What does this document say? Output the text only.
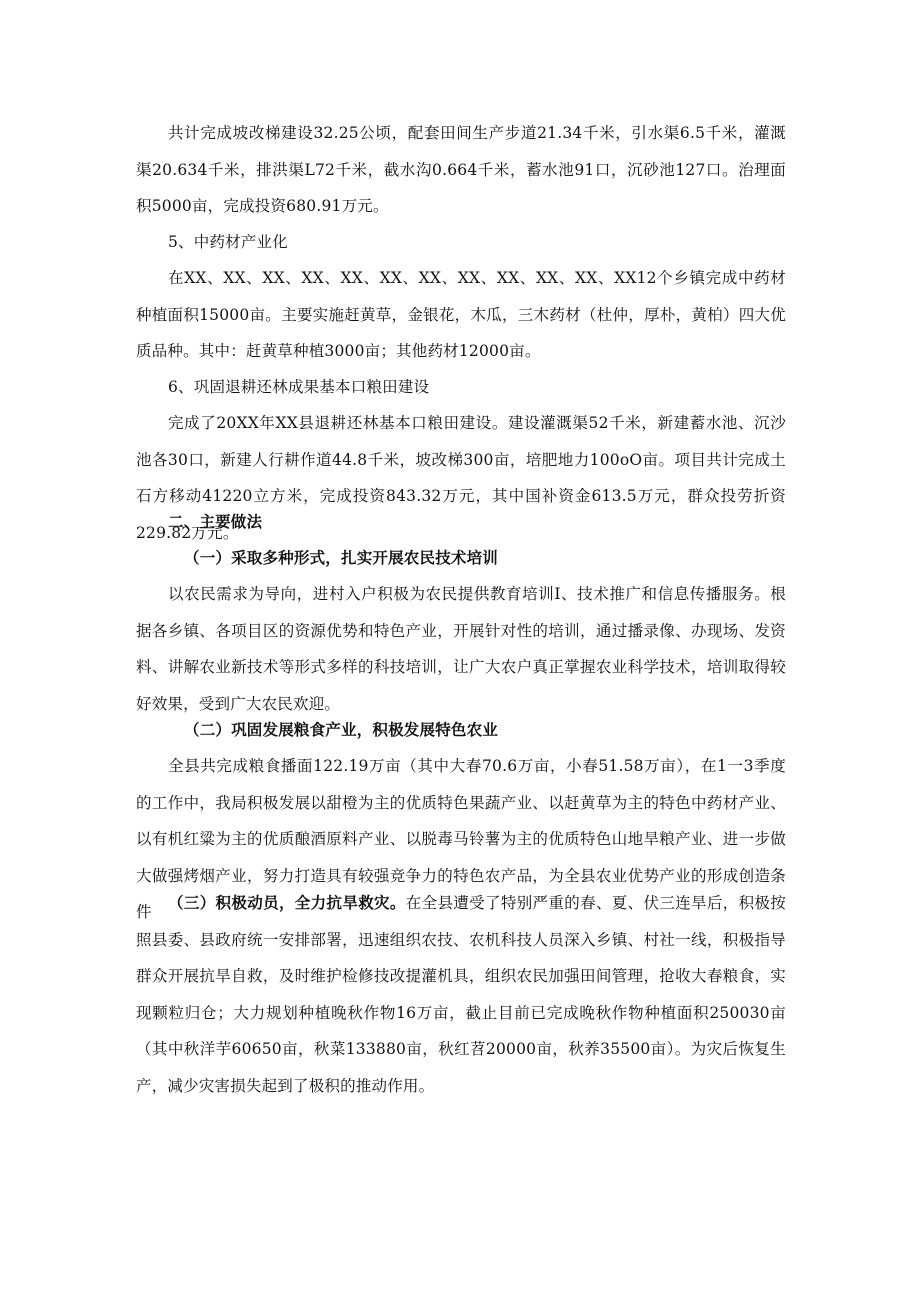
共计完成坡改梯建设32.25公顷，配套田间生产步道21.34千米，引水渠6.5千米，灌溉渠20.634千米，排洪渠L72千米，截水沟0.664千米，蓄水池91口，沉砂池127口。治理面积5000亩，完成投资680.91万元。

5、中药材产业化

在XX、XX、XX、XX、XX、XX、XX、XX、XX、XX、XX、XX12个乡镇完成中药材种植面积15000亩。主要实施赶黄草，金银花，木瓜，三木药材（杜仲，厚朴，黄柏）四大优质品种。其中：赶黄草种植3000亩；其他药材12000亩。

6、巩固退耕还林成果基本口粮田建设

完成了20XX年XX县退耕还林基本口粮田建设。建设灌溉渠52千米，新建蓄水池、沉沙池各30口，新建人行耕作道44.8千米，坡改梯300亩，培肥地力100oO亩。项目共计完成土石方移动41220立方米，完成投资843.32万元，其中国补资金613.5万元，群众投劳折资229.82万元。

二、主要做法

（一）采取多种形式，扎实开展农民技术培训

以农民需求为导向，进村入户积极为农民提供教育培训I、技术推广和信息传播服务。根据各乡镇、各项目区的资源优势和特色产业，开展针对性的培训，通过播录像、办现场、发资料、讲解农业新技术等形式多样的科技培训，让广大农户真正掌握农业科学技术，培训取得较好效果，受到广大农民欢迎。

（二）巩固发展粮食产业，积极发展特色农业

全县共完成粮食播面122.19万亩（其中大春70.6万亩，小春51.58万亩），在1一3季度的工作中，我局积极发展以甜橙为主的优质特色果蔬产业、以赶黄草为主的特色中药材产业、以有机红粱为主的优质酿酒原料产业、以脱毒马铃薯为主的优质特色山地旱粮产业、进一步做大做强烤烟产业，努力打造具有较强竞争力的特色农产品，为全县农业优势产业的形成创造条件	（三）积极动员，全力抗旱救灾。在全县遭受了特别严重的春、夏、伏三连旱后，积极按照县委、县政府统一安排部署，迅速组织农技、农机科技人员深入乡镇、村社一线，积极指导群众开展抗旱自救，及时维护检修技改提灌机具，组织农民加强田间管理，抢收大春粮食，实现颗粒归仓；大力规划种植晚秋作物16万亩，截止目前已完成晚秋作物种植面积250030亩（其中秋洋芋60650亩，秋菜133880亩，秋红苕20000亩，秋养35500亩）。为灾后恢复生产，减少灾害损失起到了极积的推动作用。
